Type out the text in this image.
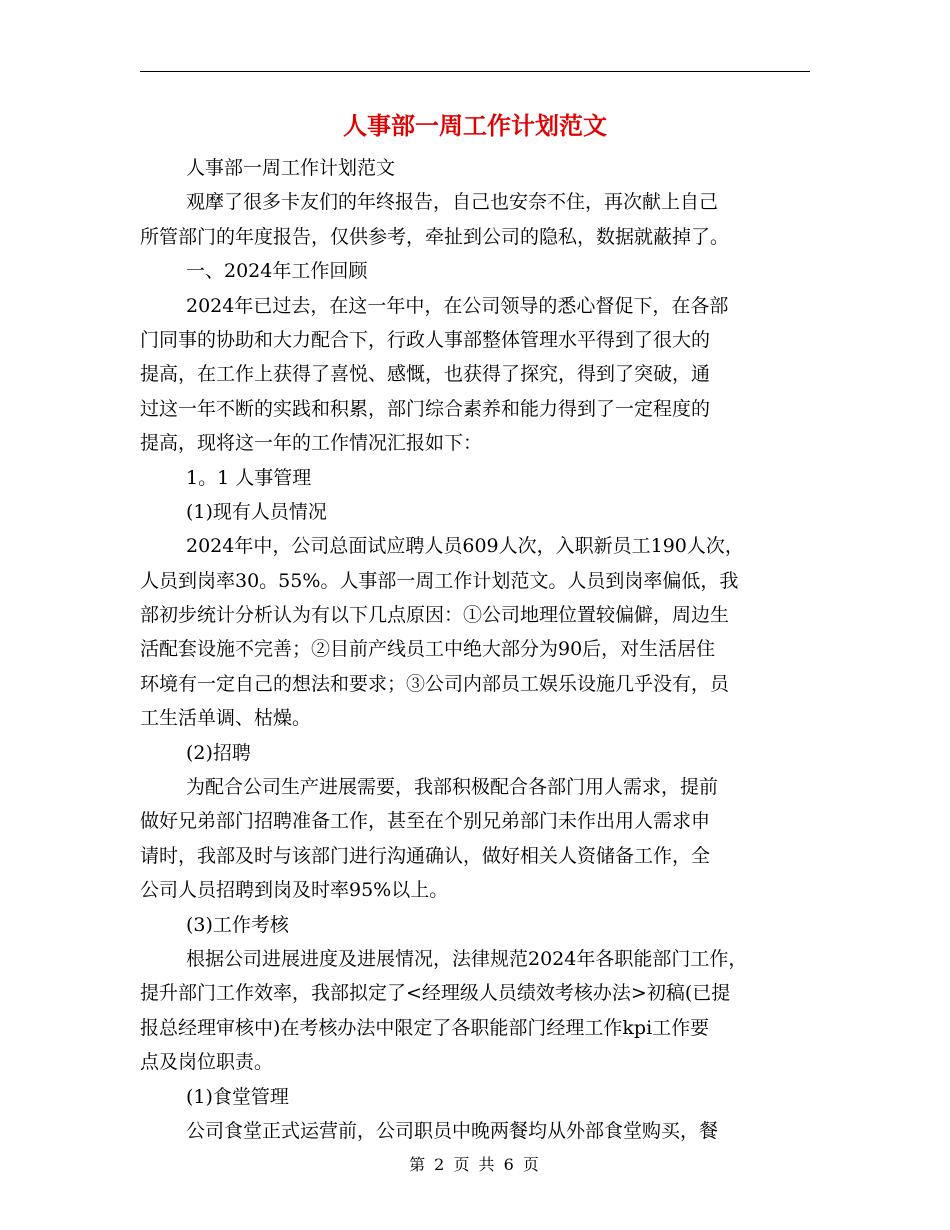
人事部一周工作计划范文

人事部一周工作计划范文

观摩了很多卡友们的年终报告，自己也安奈不住，再次献上自己

所管部门的年度报告，仅供参考，牵扯到公司的隐私，数据就蔽掉了。

一、2024年工作回顾

2024年已过去，在这一年中，在公司领导的悉心督促下，在各部

门同事的协助和大力配合下，行政人事部整体管理水平得到了很大的

提高，在工作上获得了喜悦、感慨，也获得了探究，得到了突破，通

过这一年不断的实践和积累，部门综合素养和能力得到了一定程度的

提高，现将这一年的工作情况汇报如下：

1。1 人事管理

(1)现有人员情况

2024年中，公司总面试应聘人员609人次，入职新员工190人次，

人员到岗率30。55%。人事部一周工作计划范文。人员到岗率偏低，我

部初步统计分析认为有以下几点原因：①公司地理位置较偏僻，周边生

活配套设施不完善；②目前产线员工中绝大部分为90后，对生活居住

环境有一定自己的想法和要求；③公司内部员工娱乐设施几乎没有，员

工生活单调、枯燥。

(2)招聘

为配合公司生产进展需要，我部积极配合各部门用人需求，提前

做好兄弟部门招聘准备工作，甚至在个别兄弟部门未作出用人需求申

请时，我部及时与该部门进行沟通确认，做好相关人资储备工作，全

公司人员招聘到岗及时率95%以上。

(3)工作考核

根据公司进展进度及进展情况，法律规范2024年各职能部门工作，

提升部门工作效率，我部拟定了<经理级人员绩效考核办法>初稿(已提

报总经理审核中)在考核办法中限定了各职能部门经理工作kpi工作要

点及岗位职责。

(1)食堂管理

公司食堂正式运营前，公司职员中晚两餐均从外部食堂购买，餐

第 2 页 共 6 页
